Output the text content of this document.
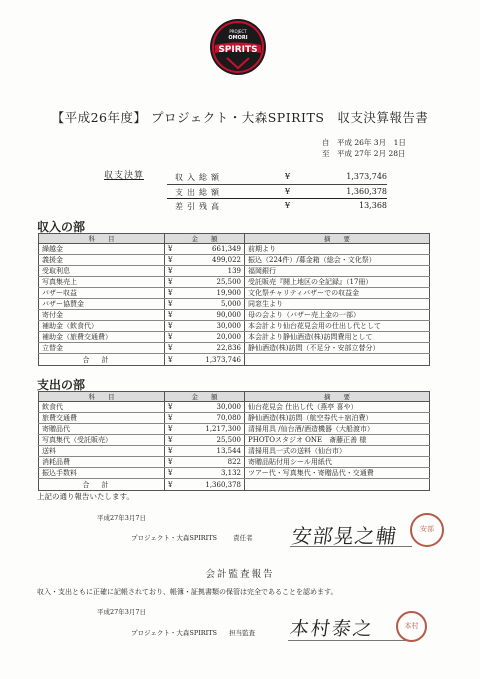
PROJECT
OMORI
SPIRITS
【平成26年度】 プロジェクト・大森SPIRITS　収支決算報告書
自　平成 26年 3月　1日
至　平成 27年 2月 28日
収支決算	収入総額	¥	1,373,746
支出総額	¥	1,360,378
差引残高	¥	13,368
収入の部
科　　目	金　　額		摘　　要
繰越金	¥	661,349	前期より
義援金	¥	499,022	振込（224件）/募金箱（総会・文化祭）
受取利息	¥	139	福岡銀行
写真集売上	¥	25,500	受託販売『闘上地区の全記録』（17冊）
バザー収益	¥	19,900	文化祭チャリティバザーでの収益金
バザー協賛金	¥	5,000	同窓生より
寄付金	¥	90,000	母の会より（バザー売上金の一部）
補助金（飲食代）	¥	30,000	本会計より仙台花見会用の仕出し代として
補助金（旅費交通費）	¥	20,000	本会計より静仙酒造(株)訪問費用として
立替金	¥	22,836	静仙酒造(株)訪問（不足分・安部立替分）
合計	¥	1,373,746	
支出の部
科　　目	金　　額		摘　　要
飲食代	¥	30,000	仙台花見会 仕出し代（燕亭 喜や）
旅費交通費	¥	70,080	静仙酒造(株)訪問（航空券代＋宿泊費）
寄贈品代	¥	1,217,300	清掃用具 /仙台酒/酒造機器（大船渡市）
写真集代（受託販売）	¥	25,500	PHOTOスタジオ ONE　斎藤正善 様
送料	¥	13,544	清掃用具一式の送料（仙台市）
消耗品費	¥	822	寄贈品貼付用シール用紙代
振込手数料	¥	3,132	ツアー代・写真集代・寄贈品代・交通費
合計	¥	1,360,378	
上記の通り報告いたします。
平成27年3月7日
プロジェクト・大森SPIRITS 責任者 安部晃之輔	安部
会計監査報告
収入・支出ともに正確に記帳されており、帳簿・証拠書類の保管は完全であることを認めます。
平成27年3月7日
プロジェクト・大森SPIRITS 担当監査 本村泰之	本村
